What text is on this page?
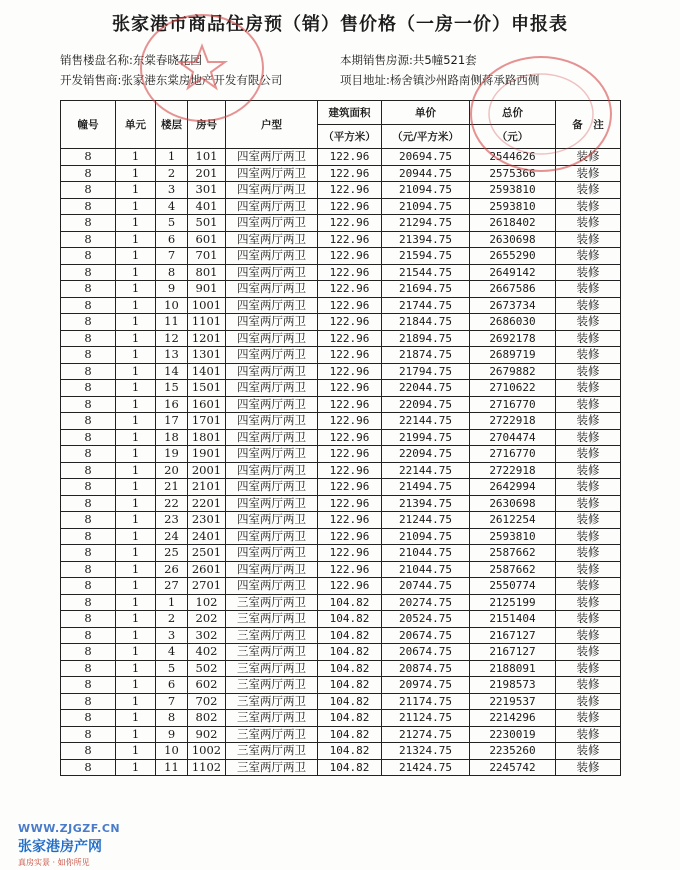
张家港市商品住房预（销）售价格（一房一价）申报表
销售楼盘名称:东棠春晓花园	本期销售房源:共5幢521套
开发销售商:张家港东棠房地产开发有限公司	项目地址:杨舍镇沙州路南侧蒋承路西侧
幢号	单元	楼层	房号	户型	建筑面积	单价	总价	备　注
					（平方米）	（元/平方米）	（元）	
8	1	1	101	四室两厅两卫	122.96	20694.75	2544626	装修
8	1	2	201	四室两厅两卫	122.96	20944.75	2575366	装修
8	1	3	301	四室两厅两卫	122.96	21094.75	2593810	装修
8	1	4	401	四室两厅两卫	122.96	21094.75	2593810	装修
8	1	5	501	四室两厅两卫	122.96	21294.75	2618402	装修
8	1	6	601	四室两厅两卫	122.96	21394.75	2630698	装修
8	1	7	701	四室两厅两卫	122.96	21594.75	2655290	装修
8	1	8	801	四室两厅两卫	122.96	21544.75	2649142	装修
8	1	9	901	四室两厅两卫	122.96	21694.75	2667586	装修
8	1	10	1001	四室两厅两卫	122.96	21744.75	2673734	装修
8	1	11	1101	四室两厅两卫	122.96	21844.75	2686030	装修
8	1	12	1201	四室两厅两卫	122.96	21894.75	2692178	装修
8	1	13	1301	四室两厅两卫	122.96	21874.75	2689719	装修
8	1	14	1401	四室两厅两卫	122.96	21794.75	2679882	装修
8	1	15	1501	四室两厅两卫	122.96	22044.75	2710622	装修
8	1	16	1601	四室两厅两卫	122.96	22094.75	2716770	装修
8	1	17	1701	四室两厅两卫	122.96	22144.75	2722918	装修
8	1	18	1801	四室两厅两卫	122.96	21994.75	2704474	装修
8	1	19	1901	四室两厅两卫	122.96	22094.75	2716770	装修
8	1	20	2001	四室两厅两卫	122.96	22144.75	2722918	装修
8	1	21	2101	四室两厅两卫	122.96	21494.75	2642994	装修
8	1	22	2201	四室两厅两卫	122.96	21394.75	2630698	装修
8	1	23	2301	四室两厅两卫	122.96	21244.75	2612254	装修
8	1	24	2401	四室两厅两卫	122.96	21094.75	2593810	装修
8	1	25	2501	四室两厅两卫	122.96	21044.75	2587662	装修
8	1	26	2601	四室两厅两卫	122.96	21044.75	2587662	装修
8	1	27	2701	四室两厅两卫	122.96	20744.75	2550774	装修
8	1	1	102	三室两厅两卫	104.82	20274.75	2125199	装修
8	1	2	202	三室两厅两卫	104.82	20524.75	2151404	装修
8	1	3	302	三室两厅两卫	104.82	20674.75	2167127	装修
8	1	4	402	三室两厅两卫	104.82	20674.75	2167127	装修
8	1	5	502	三室两厅两卫	104.82	20874.75	2188091	装修
8	1	6	602	三室两厅两卫	104.82	20974.75	2198573	装修
8	1	7	702	三室两厅两卫	104.82	21174.75	2219537	装修
8	1	8	802	三室两厅两卫	104.82	21124.75	2214296	装修
8	1	9	902	三室两厅两卫	104.82	21274.75	2230019	装修
8	1	10	1002	三室两厅两卫	104.82	21324.75	2235260	装修
8	1	11	1102	三室两厅两卫	104.82	21424.75	2245742	装修
WWW.ZJGZF.CN
张家港房产网
真房实景 · 如你所见
